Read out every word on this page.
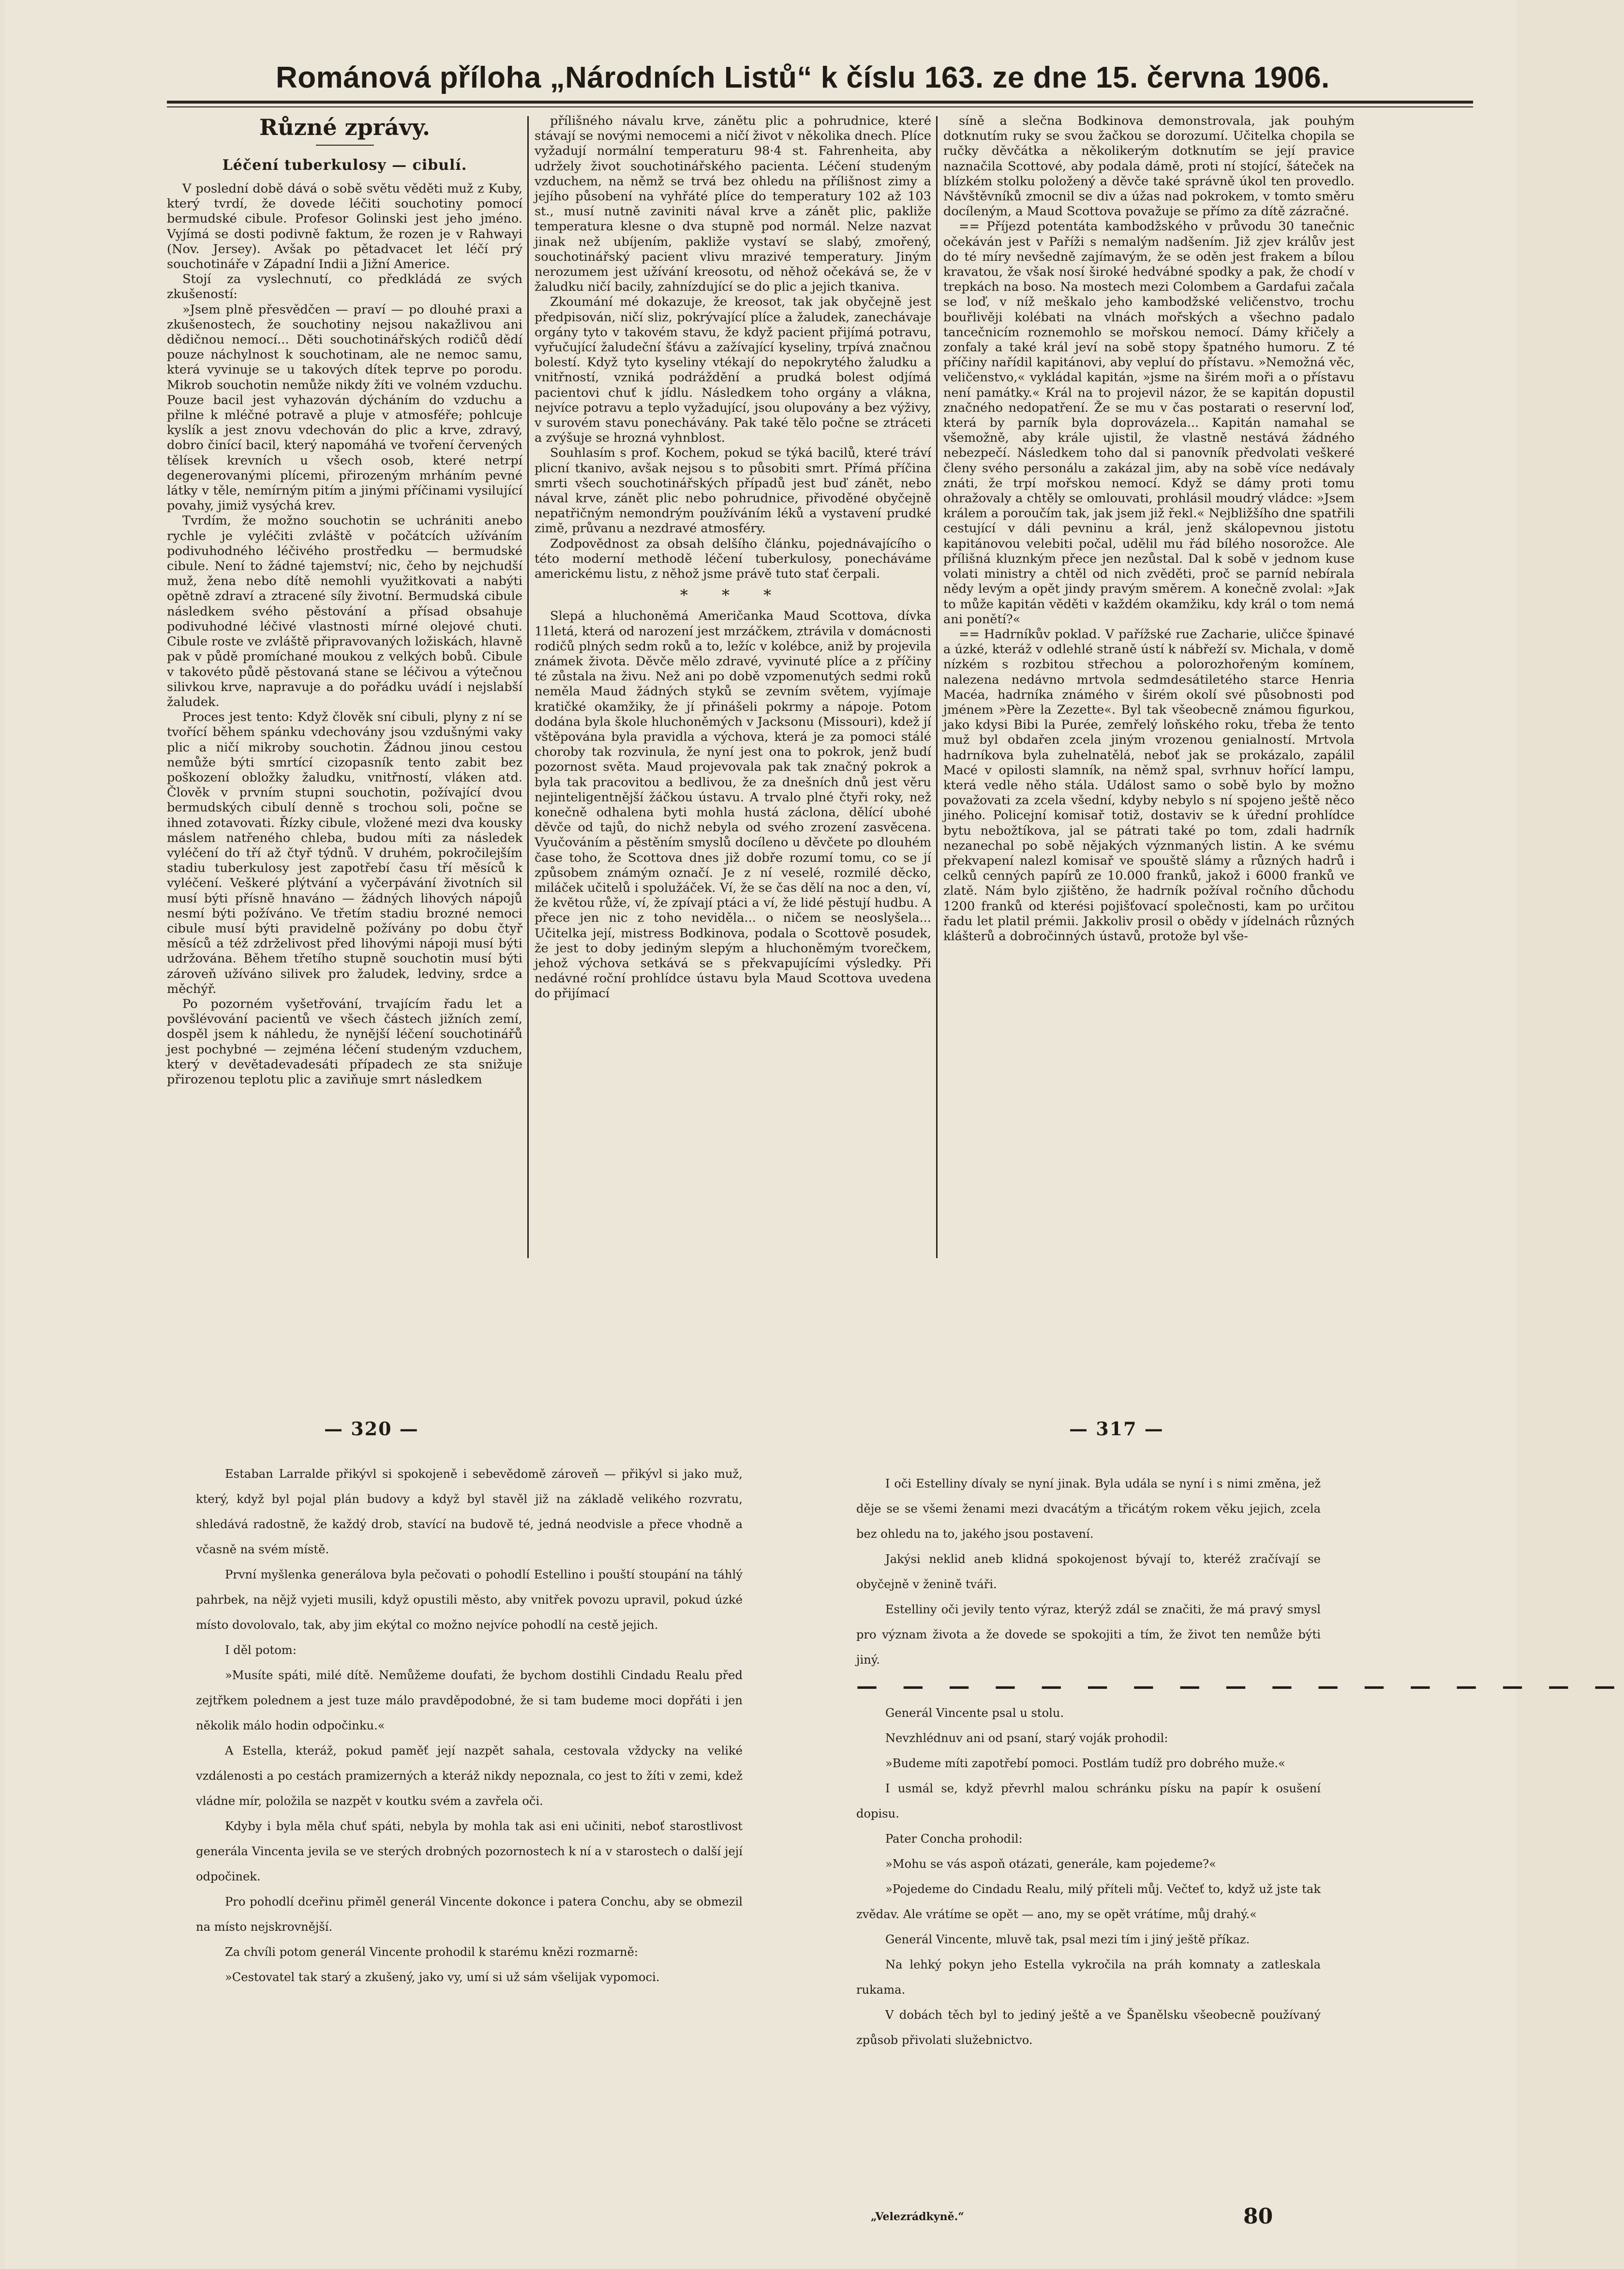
Románová příloha „Národních Listů“ k číslu 163. ze dne 15. června 1906.
Různé zprávy.
Léčení tuberkulosy — cibulí.

V poslední době dává o sobě světu věděti muž z Kuby, který tvrdí, že dovede léčiti souchotiny pomocí bermudské cibule. Profesor Golinski jest jeho jméno. Vyjímá se dosti podivně faktum, že rozen je v Rahwayi (Nov. Jersey). Avšak po pětadvacet let léčí prý souchotináře v Západní Indii a Jižní Americe.

Stojí za vyslechnutí, co předkládá ze svých zkušeností:

»Jsem plně přesvědčen — praví — po dlouhé praxi a zkušenostech, že souchotiny nejsou nakažlivou ani dědičnou nemocí... Děti souchotinářských rodičů dědí pouze náchylnost k souchotinam, ale ne nemoc samu, která vyvinuje se u takových dítek teprve po porodu. Mikrob souchotin nemůže nikdy žíti ve volném vzduchu. Pouze bacil jest vyhazován dýcháním do vzduchu a přilne k mléčné potravě a pluje v atmosféře; pohlcuje kyslík a jest znovu vdechován do plic a krve, zdravý, dobro činící bacil, který napomáhá ve tvoření červených tělísek krevních u všech osob, které netrpí degenerovanými plícemi, přirozeným mrháním pevné látky v těle, nemírným pitím a jinými příčinami vysilující povahy, jimiž vysýchá krev.

Tvrdím, že možno souchotin se uchrániti anebo rychle je vyléčiti zvláště v počátcích užíváním podivuhodného léčivého prostředku — bermudské cibule. Není to žádné tajemství; nic, čeho by nejchudší muž, žena nebo dítě nemohli využitkovati a nabýti opětně zdraví a ztracené síly životní. Bermudská cibule následkem svého pěstování a přísad obsahuje podivuhodné léčivé vlastnosti mírné olejové chuti. Cibule roste ve zvláště připravovaných ložiskách, hlavně pak v půdě promíchané moukou z velkých bobů. Cibule v takovéto půdě pěstovaná stane se léčivou a výtečnou silivkou krve, napravuje a do pořádku uvádí i nejslabší žaludek.

Proces jest tento: Když člověk sní cibuli, plyny z ní se tvořící během spánku vdechovány jsou vzdušnými vaky plic a ničí mikroby souchotin. Žádnou jinou cestou nemůže býti smrtící cizopasník tento zabit bez poškození obložky žaludku, vnitřností, vláken atd. Člověk v prvním stupni souchotin, požívající dvou bermudských cibulí denně s trochou soli, počne se ihned zotavovati. Řízky cibule, vložené mezi dva kousky máslem natřeného chleba, budou míti za následek vyléčení do tří až čtyř týdnů. V druhém, pokročilejším stadiu tuberkulosy jest zapotřebí času tří měsíců k vyléčení. Veškeré plýtvání a vyčerpávání životních sil musí býti přísně hnaváno — žádných lihových nápojů nesmí býti požíváno. Ve třetím stadiu brozné nemoci cibule musí býti pravidelně požívány po dobu čtyř měsíců a též zdrželivost před lihovými nápoji musí býti udržována. Během třetího stupně souchotin musí býti zároveň užíváno silivek pro žaludek, ledviny, srdce a měchýř.

Po pozorném vyšetřování, trvajícím řadu let a povšlévování pacientů ve všech částech jižních zemí, dospěl jsem k náhledu, že nynější léčení souchotinářů jest pochybné — zejména léčení studeným vzduchem, který v devětadevadesáti případech ze sta snižuje přirozenou teplotu plic a zaviňuje smrt následkem

přílišného návalu krve, zánětu plic a pohrudnice, které stávají se novými nemocemi a ničí život v několika dnech. Plíce vyžadují normální temperaturu 98·4 st. Fahrenheita, aby udržely život souchotinářského pacienta. Léčení studeným vzduchem, na němž se trvá bez ohledu na přílišnost zimy a jejího působení na vyhřáté plíce do temperatury 102 až 103 st., musí nutně zaviniti nával krve a zánět plic, pakliže temperatura klesne o dva stupně pod normál. Nelze nazvat jinak než ubíjením, pakliže vystaví se slabý, zmořený, souchotinářský pacient vlivu mrazivé temperatury. Jiným nerozumem jest užívání kreosotu, od něhož očekává se, že v žaludku ničí bacily, zahnízdující se do plic a jejich tkaniva.

Zkoumání mé dokazuje, že kreosot, tak jak obyčejně jest předpisován, ničí sliz, pokrývající plíce a žaludek, zanechávaje orgány tyto v takovém stavu, že když pacient přijímá potravu, vyřučující žaludeční šťávu a zažívající kyseliny, trpívá značnou bolestí. Když tyto kyseliny vtékají do nepokrytého žaludku a vnitřností, vzniká podráždění a prudká bolest odjímá pacientovi chuť k jídlu. Následkem toho orgány a vlákna, nejvíce potravu a teplo vyžadující, jsou olupovány a bez výživy, v surovém stavu ponechávány. Pak také tělo počne se ztráceti a zvýšuje se hrozná vyhnblost.

Souhlasím s prof. Kochem, pokud se týká bacilů, které tráví plicní tkanivo, avšak nejsou s to působiti smrt. Přímá příčina smrti všech souchotinářských případů jest buď zánět, nebo nával krve, zánět plic nebo pohrudnice, přivoděné obyčejně nepatřičným nemondrým používáním léků a vystavení prudké zimě, průvanu a nezdravé atmosféry.

Zodpovědnost za obsah delšího článku, pojednávajícího o této moderní methodě léčení tuberkulosy, ponecháváme americkému listu, z něhož jsme právě tuto stať čerpali.

* * *

Slepá a hluchoněmá Američanka Maud Scottova, dívka 11letá, která od narození jest mrzáčkem, ztrávila v domácnosti rodičů plných sedm roků a to, ležíc v kolébce, aniž by projevila známek života. Děvče mělo zdravé, vyvinuté plíce a z příčiny té zůstala na živu. Než ani po době vzpomenutých sedmi roků neměla Maud žádných styků se zevním světem, vyjímaje kratičké okamžiky, že jí přinášeli pokrmy a nápoje. Potom dodána byla škole hluchoněmých v Jacksonu (Missouri), kdež jí vštěpována byla pravidla a výchova, která je za pomoci stálé choroby tak rozvinula, že nyní jest ona to pokrok, jenž budí pozornost světa. Maud projevovala pak tak značný pokrok a byla tak pracovitou a bedlivou, že za dnešních dnů jest věru nejinteligentnější žáčkou ústavu. A trvalo plné čtyři roky, než konečně odhalena byti mohla hustá záclona, dělící ubohé děvče od tajů, do nichž nebyla od svého zrození zasvěcena. Vyučováním a pěstěním smyslů docíleno u děvčete po dlouhém čase toho, že Scottova dnes již dobře rozumí tomu, co se jí způsobem známým označí. Je z ní veselé, rozmilé děcko, miláček učitelů i spolužáček. Ví, že se čas dělí na noc a den, ví, že květou růže, ví, že zpívají ptáci a ví, že lidé pěstují hudbu. A přece jen nic z toho neviděla... o ničem se neoslyšela... Učitelka její, mistress Bodkinova, podala o Scottově posudek, že jest to doby jediným slepým a hluchoněmým tvorečkem, jehož výchova setkává se s překvapujícími výsledky. Při nedávné roční prohlídce ústavu byla Maud Scottova uvedena do přijímací

síně a slečna Bodkinova demonstrovala, jak pouhým dotknutím ruky se svou žačkou se dorozumí. Učitelka chopila se ručky děvčátka a několikerým dotknutím se její pravice naznačila Scottové, aby podala dámě, proti ní stojící, šáteček na blízkém stolku položený a děvče také správně úkol ten provedlo. Návštěvníků zmocnil se div a úžas nad pokrokem, v tomto směru docíleným, a Maud Scottova považuje se přímo za dítě zázračné.

== Příjezd potentáta kambodžského v průvodu 30 tanečnic očekáván jest v Paříži s nemalým nadšením. Již zjev králův jest do té míry nevšedně zajímavým, že se oděn jest frakem a bílou kravatou, že však nosí široké hedvábné spodky a pak, že chodí v trepkách na boso. Na mostech mezi Colombem a Gardafui začala se loď, v níž meškalo jeho kambodžské veličenstvo, trochu bouřlivěji kolébati na vlnách mořských a všechno padalo tancečnicím roznemohlo se mořskou nemocí. Dámy křičely a zonfaly a také král jeví na sobě stopy špatného humoru. Z té příčiny nařídil kapitánovi, aby vepluí do přístavu. »Nemožná věc, veličenstvo,« vykládal kapitán, »jsme na širém moři a o přístavu není památky.« Král na to projevil názor, že se kapitán dopustil značného nedopatření. Že se mu v čas postarati o reservní loď, která by parník byla doprovázela... Kapitán namahal se všemožně, aby krále ujistil, že vlastně nestává žádného nebezpečí. Následkem toho dal si panovník předvolati veškeré členy svého personálu a zakázal jim, aby na sobě více nedávaly znáti, že trpí mořskou nemocí. Když se dámy proti tomu ohražovaly a chtěly se omlouvati, prohlásil moudrý vládce: »Jsem králem a poroučím tak, jak jsem již řekl.« Nejbližšího dne spatřili cestující v dáli pevninu a král, jenž skálopevnou jistotu kapitánovou velebiti počal, udělil mu řád bílého nosorožce. Ale přílišná kluznkým přece jen nezůstal. Dal k sobě v jednom kuse volati ministry a chtěl od nich zvěděti, proč se parníd nebírala nědy levým a opět jindy pravým směrem. A konečně zvolal: »Jak to může kapitán věděti v každém okamžiku, kdy král o tom nemá ani ponětí?«

== Hadrníkův poklad. V pařížské rue Zacharie, uličce špinavé a úzké, kteráž v odlehlé straně ústí k nábřeží sv. Michala, v domě nízkém s rozbitou střechou a polorozhořeným komínem, nalezena nedávno mrtvola sedmdesátiletého starce Henria Macéa, hadrníka známého v širém okolí své působnosti pod jménem »Père la Zezette«. Byl tak všeobecně známou figurkou, jako kdysi Bibi la Purée, zemřelý loňského roku, třeba že tento muž byl obdařen zcela jiným vrozenou genialností. Mrtvola hadrníkova byla zuhelnatělá, neboť jak se prokázalo, zapálil Macé v opilosti slamník, na němž spal, svrhnuv hořící lampu, která vedle něho stála. Událost samo o sobě bylo by možno považovati za zcela všední, kdyby nebylo s ní spojeno ještě něco jiného. Policejní komisař totiž, dostaviv se k úřední prohlídce bytu nebožtíkova, jal se pátrati také po tom, zdali hadrník nezanechal po sobě nějakých význmaných listin. A ke svému překvapení nalezl komisař ve spouště slámy a různých hadrů i celků cenných papírů ze 10.000 franků, jakož i 6000 franků ve zlatě. Nám bylo zjištěno, že hadrník požíval ročního důchodu 1200 franků od kterési pojišťovací společnosti, kam po určitou řadu let platil prémii. Jakkoliv prosil o obědy v jídelnách různých klášterů a dobročinných ústavů, protože byl vše-

— 320 —

Estaban Larralde přikývl si spokojeně i sebevědomě zároveň — přikývl si jako muž, který, když byl pojal plán budovy a když byl stavěl již na základě velikého rozvratu, shledává radostně, že každý drob, stavící na budově té, jedná neodvisle a přece vhodně a včasně na svém místě.

První myšlenka generálova byla pečovati o pohodlí Estellino i pouští stoupání na táhlý pahrbek, na nějž vyjeti musili, když opustili město, aby vnitřek povozu upravil, pokud úzké místo dovolovalo, tak, aby jim ekýtal co možno nejvíce pohodlí na cestě jejich.

I děl potom:

»Musíte spáti, milé dítě. Nemůžeme doufati, že bychom dostihli Cindadu Realu před zejtřkem polednem a jest tuze málo pravděpodobné, že si tam budeme moci dopřáti i jen několik málo hodin odpočinku.«

A Estella, kteráž, pokud paměť její nazpět sahala, cestovala vždycky na veliké vzdálenosti a po cestách pramizerných a kteráž nikdy nepoznala, co jest to žíti v zemi, kdež vládne mír, položila se nazpět v koutku svém a zavřela oči.

Kdyby i byla měla chuť spáti, nebyla by mohla tak asi eni učiniti, neboť starostlivost generála Vincenta jevila se ve sterých drobných pozornostech k ní a v starostech o další její odpočinek.

Pro pohodlí dceřinu přiměl generál Vincente dokonce i patera Conchu, aby se obmezil na místo nejskrovnější.

Za chvíli potom generál Vincente prohodil k starému knězi rozmarně:

»Cestovatel tak starý a zkušený, jako vy, umí si už sám všelijak vypomoci.

— 317 —

I oči Estelliny dívaly se nyní jinak. Byla udála se nyní i s nimi změna, jež děje se se všemi ženami mezi dvacátým a třicátým rokem věku jejich, zcela bez ohledu na to, jakého jsou postavení.

Jakýsi neklid aneb klidná spokojenost bývají to, kteréž zračívají se obyčejně v ženině tváři.

Estelliny oči jevily tento výraz, kterýž zdál se značiti, že má pravý smysl pro význam života a že dovede se spokojiti a tím, že život ten nemůže býti jiný.

— — — — — — — — — — — — — — — — —

Generál Vincente psal u stolu.

Nevzhlédnuv ani od psaní, starý voják prohodil:

»Budeme míti zapotřebí pomoci. Postlám tudíž pro dobrého muže.«

I usmál se, když převrhl malou schránku písku na papír k osušení dopisu.

Pater Concha prohodil:

»Mohu se vás aspoň otázati, generále, kam pojedeme?«

»Pojedeme do Cindadu Realu, milý příteli můj. Večteť to, když už jste tak zvědav. Ale vrátíme se opět — ano, my se opět vrátíme, můj drahý.«

Generál Vincente, mluvě tak, psal mezi tím i jiný ještě příkaz.

Na lehký pokyn jeho Estella vykročila na práh komnaty a zatleskala rukama.

V dobách těch byl to jediný ještě a ve Španělsku všeobecně používaný způsob přivolati služebnictvo.

„Velezrádkyně.“	80
